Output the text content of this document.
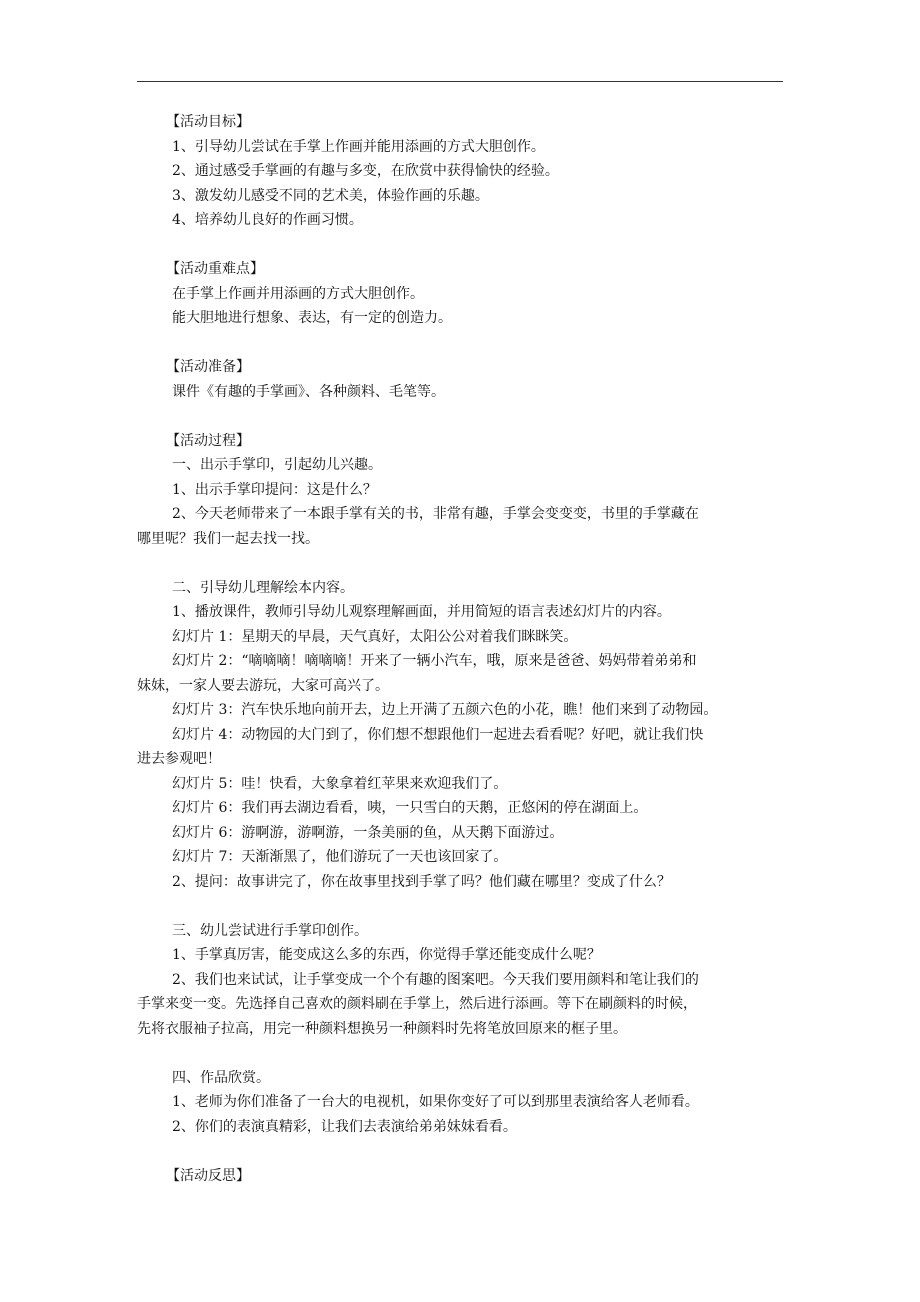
【活动目标】

1、引导幼儿尝试在手掌上作画并能用添画的方式大胆创作。

2、通过感受手掌画的有趣与多变，在欣赏中获得愉快的经验。

3、激发幼儿感受不同的艺术美，体验作画的乐趣。

4、培养幼儿良好的作画习惯。

【活动重难点】

在手掌上作画并用添画的方式大胆创作。

能大胆地进行想象、表达，有一定的创造力。

【活动准备】

课件《有趣的手掌画》、各种颜料、毛笔等。

【活动过程】

一、出示手掌印，引起幼儿兴趣。

1、出示手掌印提问：这是什么？

2、今天老师带来了一本跟手掌有关的书，非常有趣，手掌会变变变，书里的手掌藏在

哪里呢？我们一起去找一找。

二、引导幼儿理解绘本内容。

1、播放课件，教师引导幼儿观察理解画面，并用简短的语言表述幻灯片的内容。

幻灯片 1：星期天的早晨，天气真好，太阳公公对着我们眯眯笑。

幻灯片 2：“嘀嘀嘀！嘀嘀嘀！开来了一辆小汽车，哦，原来是爸爸、妈妈带着弟弟和

妹妹，一家人要去游玩，大家可高兴了。

幻灯片 3：汽车快乐地向前开去，边上开满了五颜六色的小花，瞧！他们来到了动物园。

幻灯片 4：动物园的大门到了，你们想不想跟他们一起进去看看呢？好吧，就让我们快

进去参观吧！

幻灯片 5：哇！快看，大象拿着红苹果来欢迎我们了。

幻灯片 6：我们再去湖边看看，咦，一只雪白的天鹅，正悠闲的停在湖面上。

幻灯片 6：游啊游，游啊游，一条美丽的鱼，从天鹅下面游过。

幻灯片 7：天渐渐黑了，他们游玩了一天也该回家了。

2、提问：故事讲完了，你在故事里找到手掌了吗？他们藏在哪里？变成了什么？

三、幼儿尝试进行手掌印创作。

1、手掌真厉害，能变成这么多的东西，你觉得手掌还能变成什么呢？

2、我们也来试试，让手掌变成一个个有趣的图案吧。今天我们要用颜料和笔让我们的

手掌来变一变。先选择自己喜欢的颜料刷在手掌上，然后进行添画。等下在刷颜料的时候，

先将衣服袖子拉高，用完一种颜料想换另一种颜料时先将笔放回原来的框子里。

四、作品欣赏。

1、老师为你们准备了一台大的电视机，如果你变好了可以到那里表演给客人老师看。

2、你们的表演真精彩，让我们去表演给弟弟妹妹看看。

【活动反思】
